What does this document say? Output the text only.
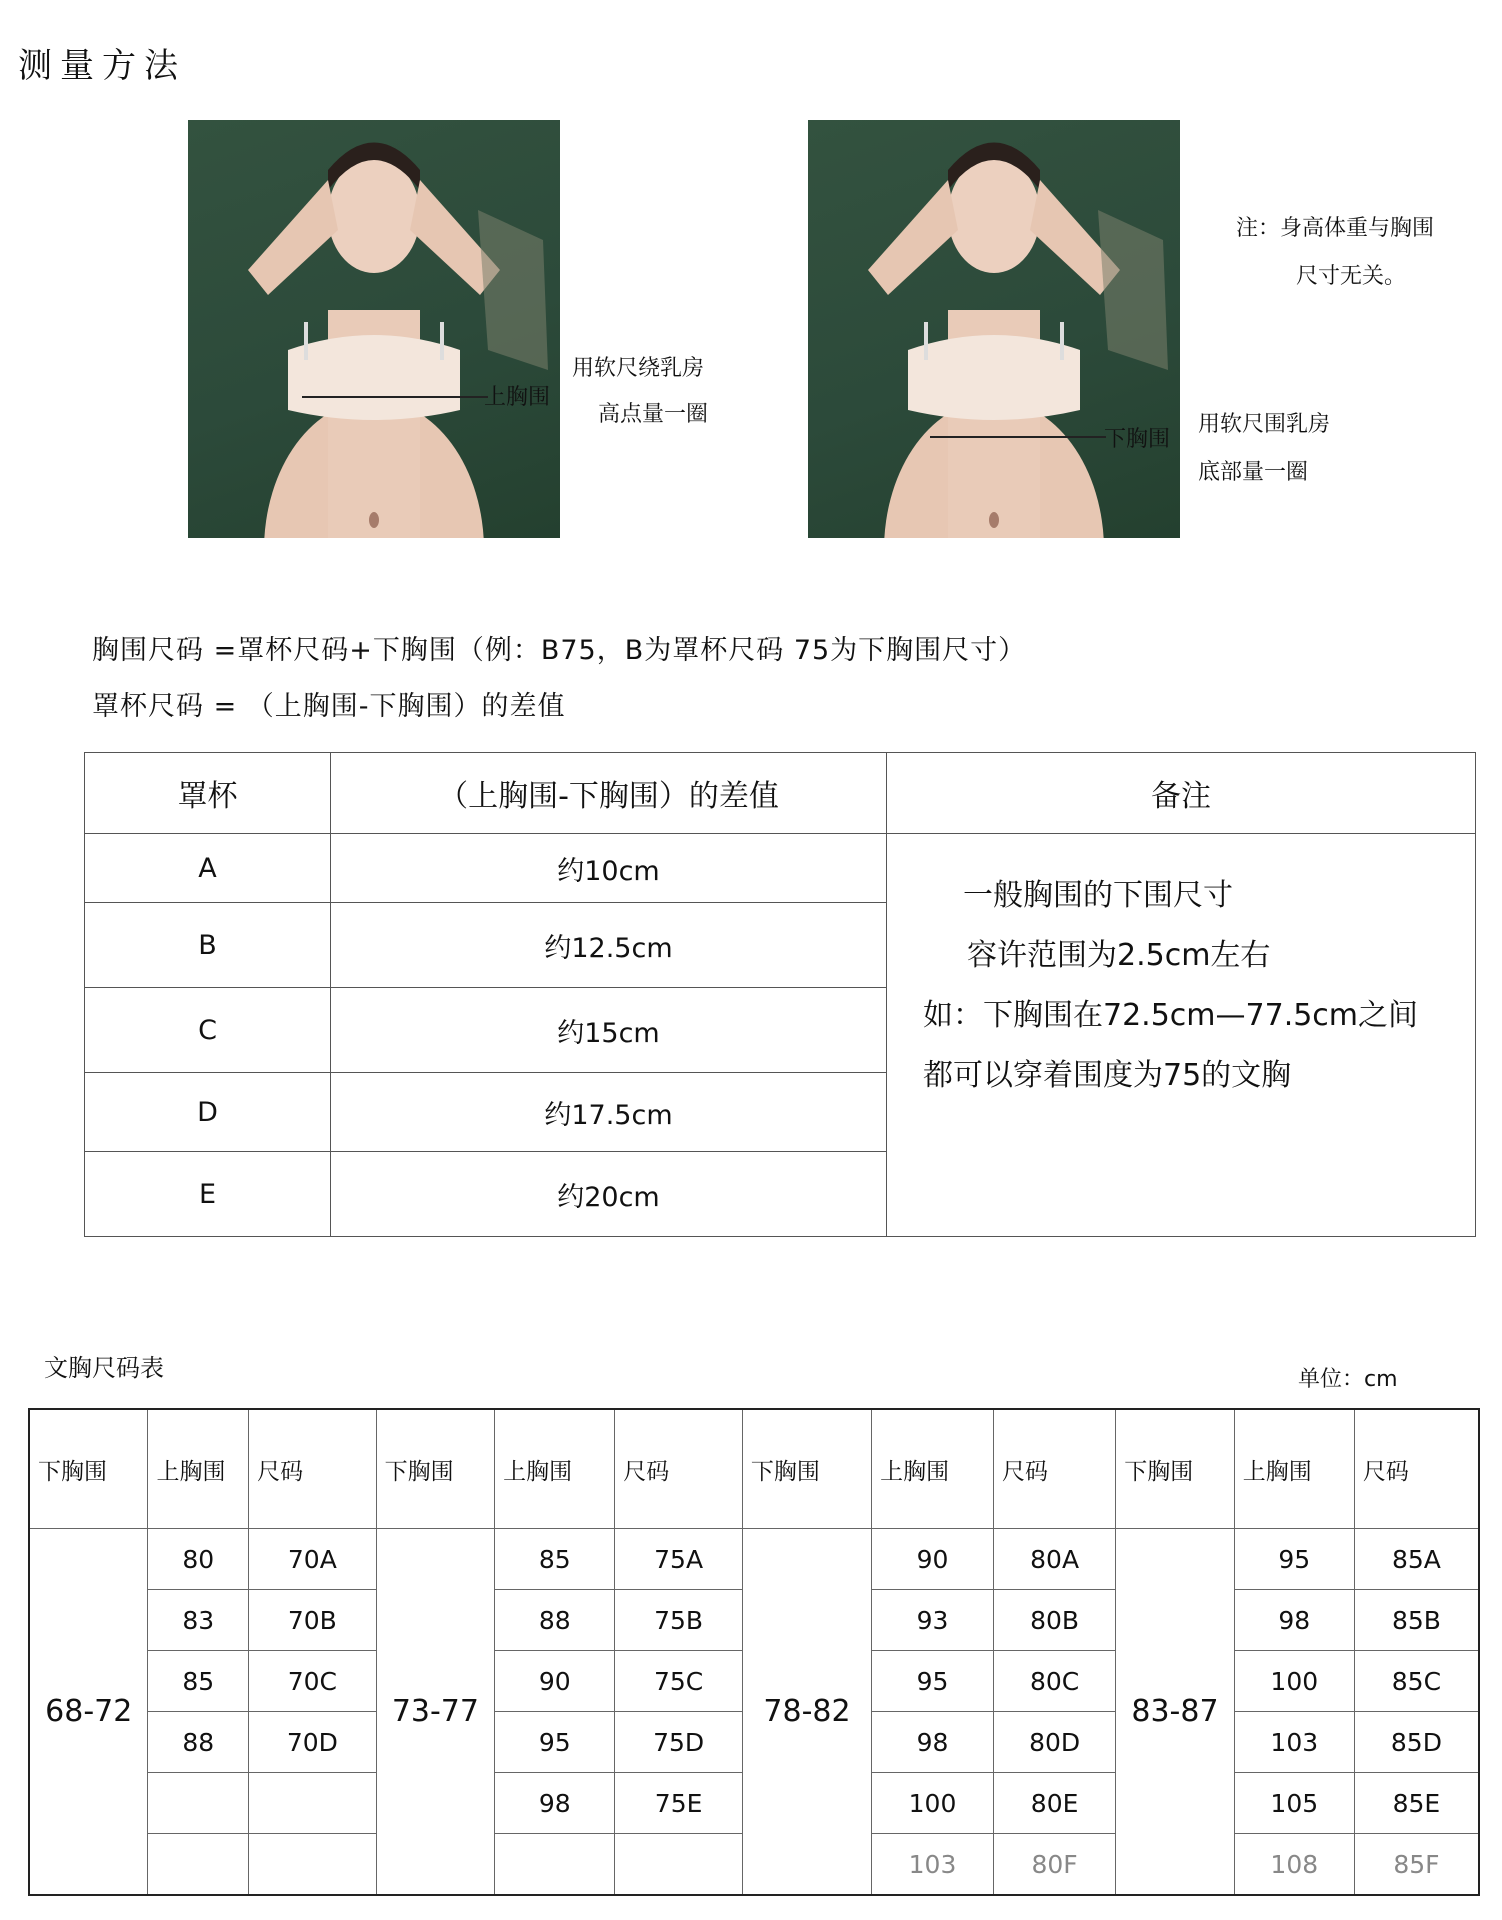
测量方法
上胸围
用软尺绕乳房
高点量一圈
下胸围
用软尺围乳房
底部量一圈
注：身高体重与胸围
尺寸无关。
胸围尺码 =罩杯尺码+下胸围（例：B75，B为罩杯尺码 75为下胸围尺寸）
罩杯尺码 = （上胸围-下胸围）的差值
罩杯	（上胸围-下胸围）的差值	备注
A	约10cm	一般胸围的下围尺寸
容许范围为2.5cm左右
如：下胸围在72.5cm—77.5cm之间
都可以穿着围度为75的文胸

B	约12.5cm	
C	约15cm	
D	约17.5cm	
E	约20cm	
文胸尺码表	单位：cm
下胸围	上胸围	尺码	下胸围	上胸围	尺码	下胸围	上胸围	尺码	下胸围	上胸围	尺码
68-72	80	70A	73-77	85	75A	78-82	90	80A	83-87	95	85A
	83	70B		88	75B		93	80B		98	85B
	85	70C		90	75C		95	80C		100	85C
	88	70D		95	75D		98	80D		103	85D
				98	75E		100	80E		105	85E
							103	80F		108	85F
